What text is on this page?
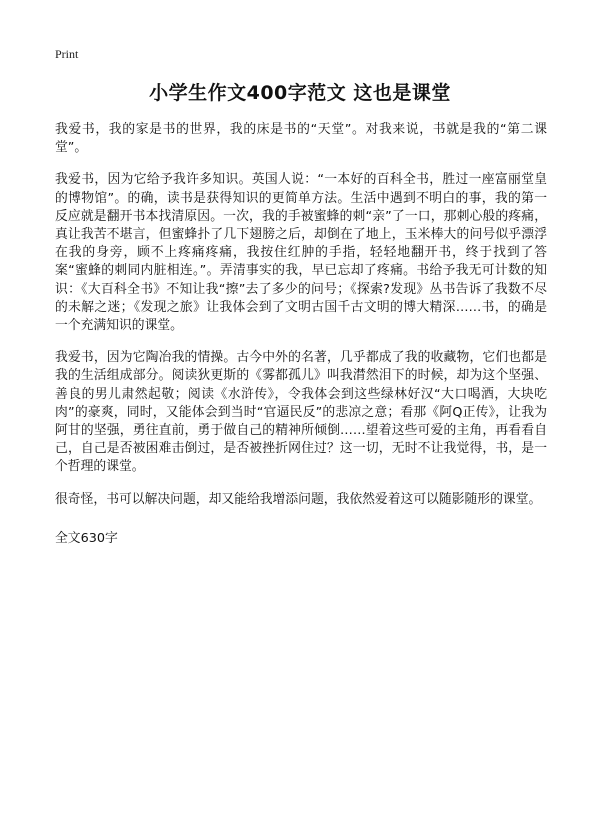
Print
小学生作文400字范文 这也是课堂

我爱书，我的家是书的世界，我的床是书的“天堂”。对我来说，书就是我的“第二课堂”。

我爱书，因为它给予我许多知识。英国人说：“一本好的百科全书，胜过一座富丽堂皇的博物馆”。的确，读书是获得知识的更简单方法。生活中遇到不明白的事，我的第一反应就是翻开书本找清原因。一次，我的手被蜜蜂的刺“亲”了一口，那刺心般的疼痛，真让我苦不堪言，但蜜蜂扑了几下翅膀之后，却倒在了地上，玉米棒大的问号似乎漂浮在我的身旁，顾不上疼痛疼痛，我按住红肿的手指，轻轻地翻开书，终于找到了答案“蜜蜂的刺同内脏相连。”。弄清事实的我，早已忘却了疼痛。书给予我无可计数的知识：《大百科全书》不知让我“擦”去了多少的问号；《探索?发现》丛书告诉了我数不尽的未解之迷；《发现之旅》让我体会到了文明古国千古文明的博大精深……书，的确是一个充满知识的课堂。

我爱书，因为它陶冶我的情操。古今中外的名著，几乎都成了我的收藏物，它们也都是我的生活组成部分。阅读狄更斯的《雾都孤儿》叫我潸然泪下的时候，却为这个坚强、善良的男儿肃然起敬；阅读《水浒传》，令我体会到这些绿林好汉“大口喝酒，大块吃肉”的豪爽，同时，又能体会到当时“官逼民反”的悲凉之意；看那《阿Q正传》，让我为阿甘的坚强，勇往直前，勇于做自己的精神所倾倒……望着这些可爱的主角，再看看自己，自己是否被困难击倒过，是否被挫折网住过？这一切，无时不让我觉得，书，是一个哲理的课堂。

很奇怪，书可以解决问题，却又能给我增添问题，我依然爱着这可以随影随形的课堂。

全文630字
